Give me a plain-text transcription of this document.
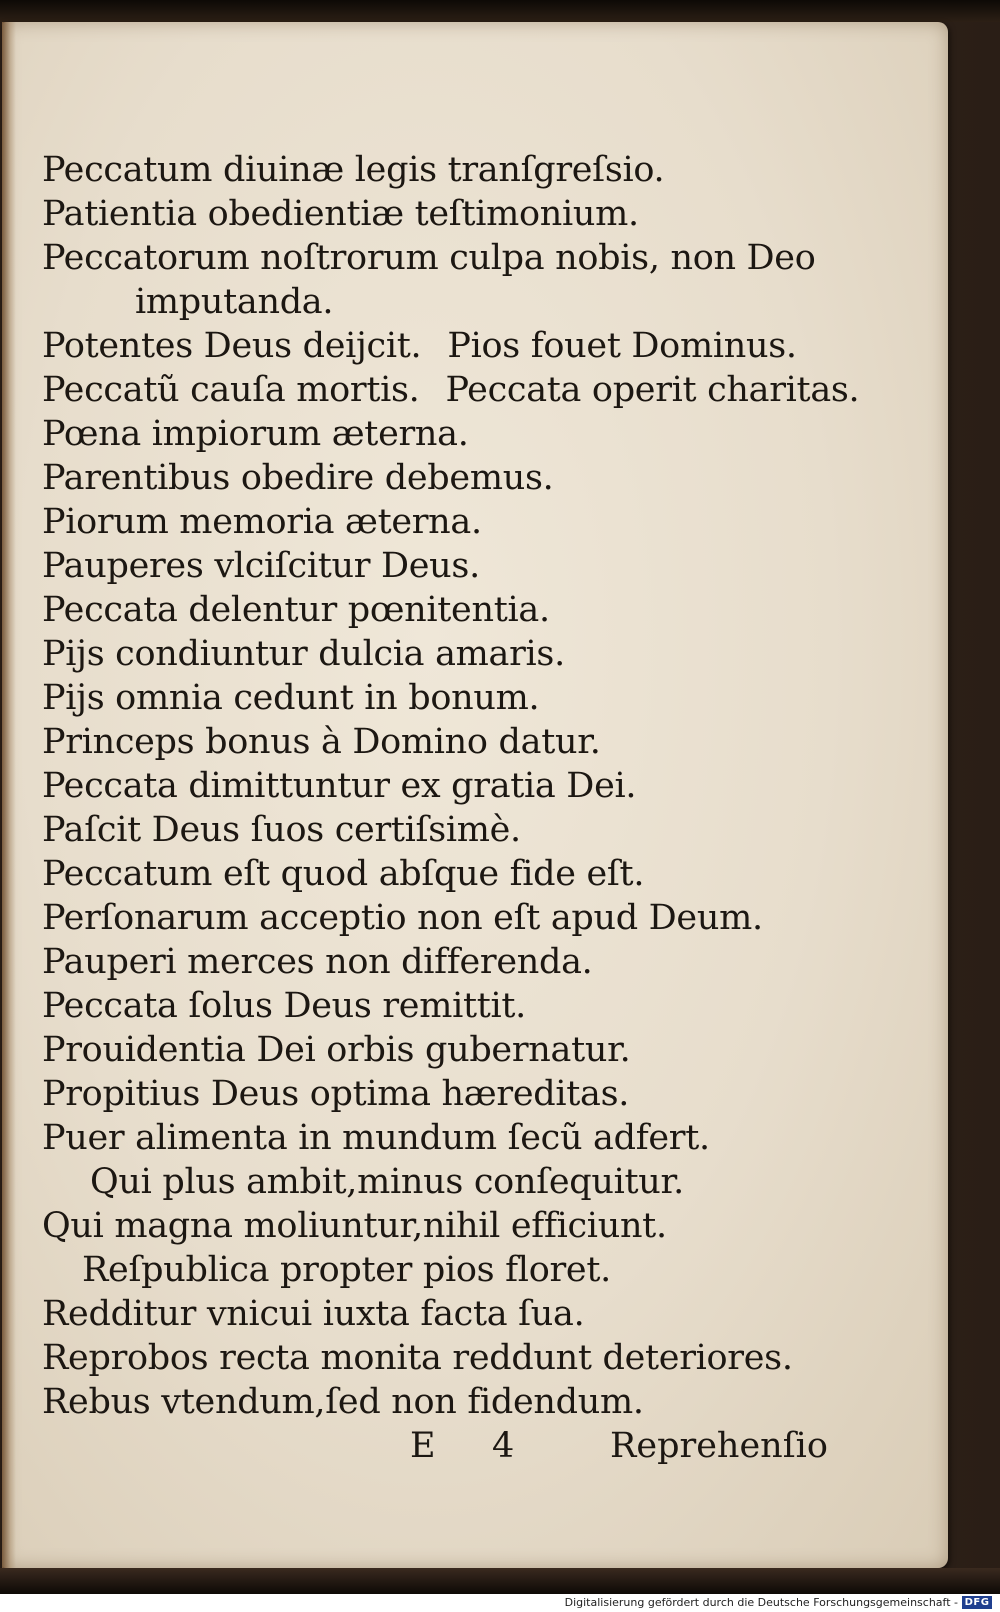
Peccatum diuinæ legis tranſgreſsio.
Patientia obedientiæ teſtimonium.
Peccatorum noſtrorum culpa nobis, non Deo
imputanda.
Potentes Deus deijcit. Pios fouet Dominus.
Peccatũ cauſa mortis. Peccata operit charitas.
Pœna impiorum æterna.
Parentibus obedire debemus.
Piorum memoria æterna.
Pauperes vlciſcitur Deus.
Peccata delentur pœnitentia.
Pijs condiuntur dulcia amaris.
Pijs omnia cedunt in bonum.
Princeps bonus à Domino datur.
Peccata dimittuntur ex gratia Dei.
Paſcit Deus ſuos certiſsimè.
Peccatum eſt quod abſque fide eſt.
Perſonarum acceptio non eſt apud Deum.
Pauperi merces non differenda.
Peccata ſolus Deus remittit.
Prouidentia Dei orbis gubernatur.
Propitius Deus optima hæreditas.
Puer alimenta in mundum ſecũ adfert.
Qui plus ambit,minus conſequitur.
Qui magna moliuntur,nihil efficiunt.
Reſpublica propter pios floret.
Redditur vnicui iuxta facta ſua.
Reprobos recta monita reddunt deteriores.
Rebus vtendum,ſed non fidendum.
E 4	Reprehenſio
Digitalisierung gefördert durch die Deutsche Forschungsgemeinschaft - DFG
